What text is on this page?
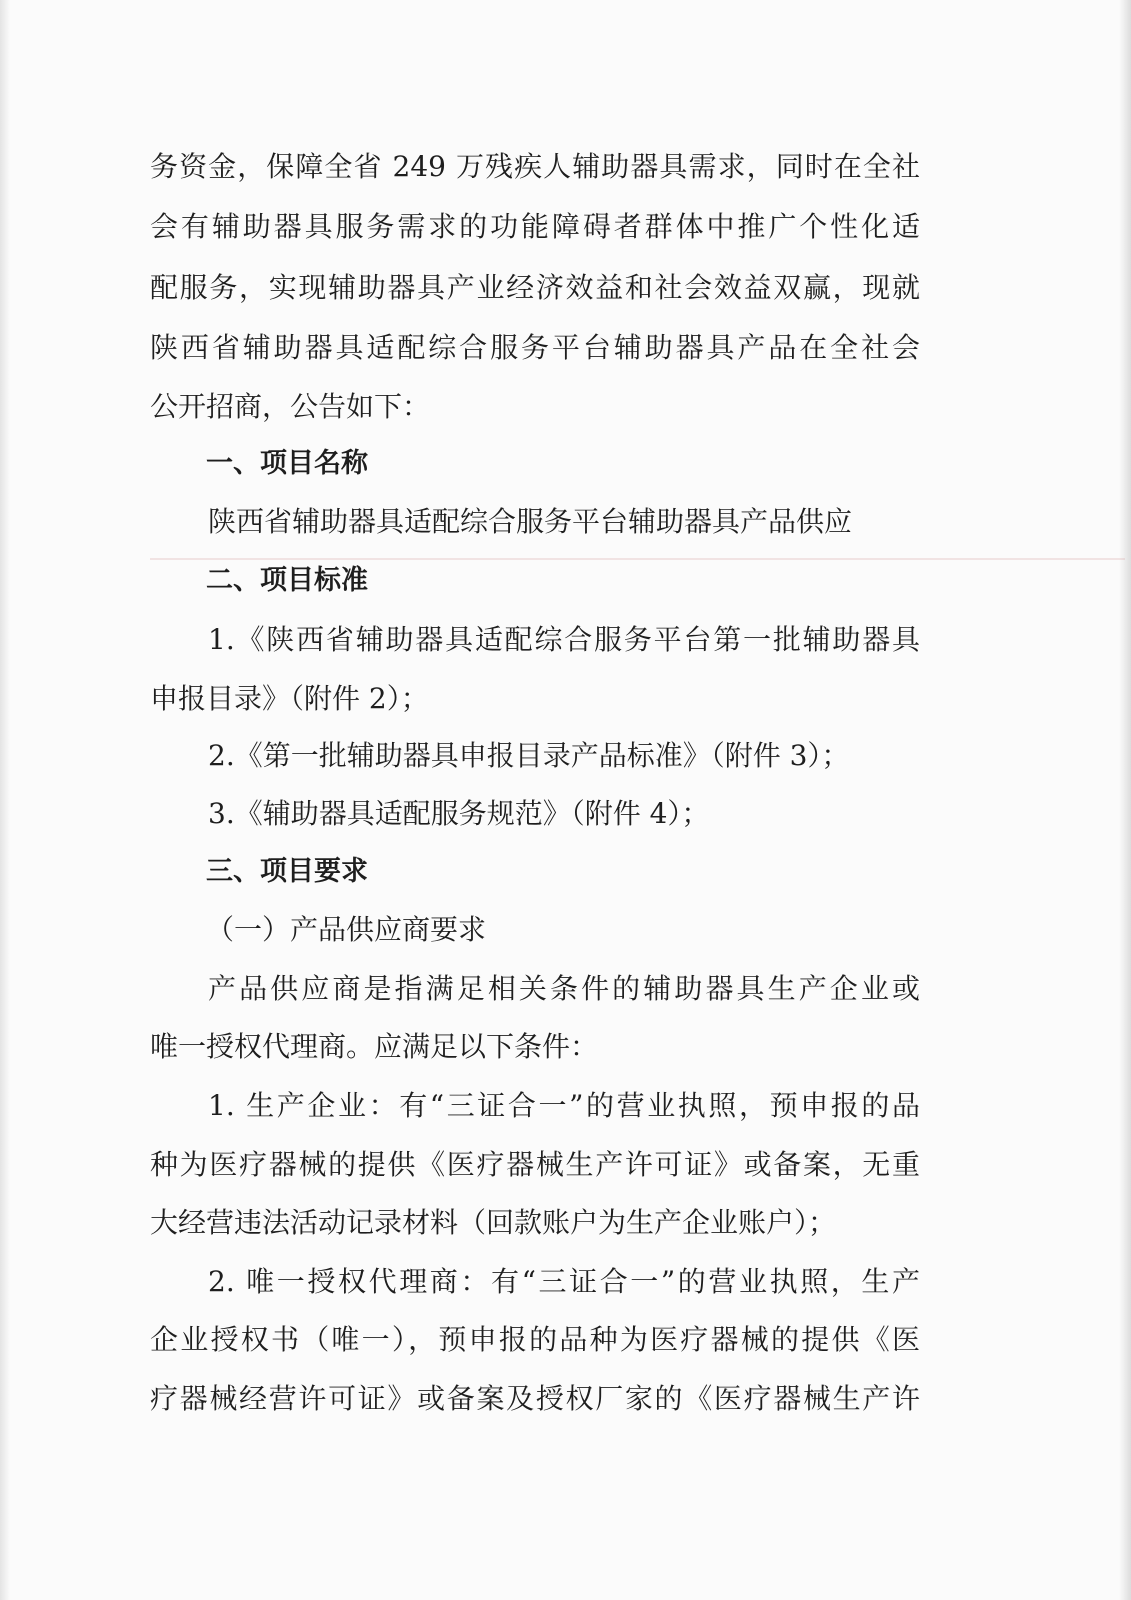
务资金，保障全省 249 万残疾人辅助器具需求，同时在全社
会有辅助器具服务需求的功能障碍者群体中推广个性化适
配服务，实现辅助器具产业经济效益和社会效益双赢，现就
陕西省辅助器具适配综合服务平台辅助器具产品在全社会
公开招商，公告如下：
一、项目名称
陕西省辅助器具适配综合服务平台辅助器具产品供应
二、项目标准
1.《陕西省辅助器具适配综合服务平台第一批辅助器具
申报目录》（附件 2）；
2.《第一批辅助器具申报目录产品标准》（附件 3）；
3.《辅助器具适配服务规范》（附件 4）；
三、项目要求
（一）产品供应商要求
产品供应商是指满足相关条件的辅助器具生产企业或
唯一授权代理商。应满足以下条件：
1. 生产企业：有“三证合一”的营业执照，预申报的品
种为医疗器械的提供《医疗器械生产许可证》或备案，无重
大经营违法活动记录材料（回款账户为生产企业账户）；
2. 唯一授权代理商：有“三证合一”的营业执照，生产
企业授权书（唯一），预申报的品种为医疗器械的提供《医
疗器械经营许可证》或备案及授权厂家的《医疗器械生产许
